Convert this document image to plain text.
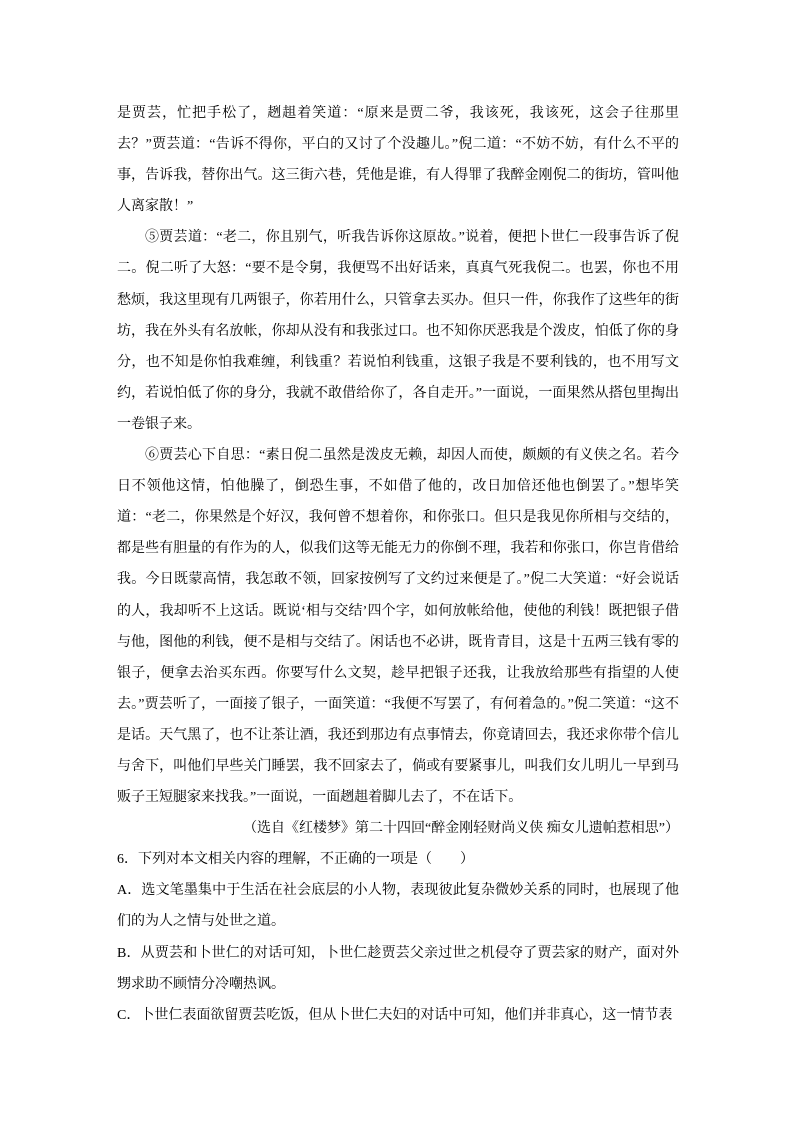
是贾芸，忙把手松了，趔趄着笑道：“原来是贾二爷，我该死，我该死，这会子往那里去？”贾芸道：“告诉不得你，平白的又讨了个没趣儿。”倪二道：“不妨不妨，有什么不平的事，告诉我，替你出气。这三街六巷，凭他是谁，有人得罪了我醉金刚倪二的街坊，管叫他人离家散！”

⑤贾芸道：“老二，你且别气，听我告诉你这原故。”说着，便把卜世仁一段事告诉了倪二。倪二听了大怒：“要不是令舅，我便骂不出好话来，真真气死我倪二。也罢，你也不用愁烦，我这里现有几两银子，你若用什么，只管拿去买办。但只一件，你我作了这些年的街坊，我在外头有名放帐，你却从没有和我张过口。也不知你厌恶我是个泼皮，怕低了你的身分，也不知是你怕我难缠，利钱重？若说怕利钱重，这银子我是不要利钱的，也不用写文约，若说怕低了你的身分，我就不敢借给你了，各自走开。”一面说，一面果然从搭包里掏出一卷银子来。

⑥贾芸心下自思：“素日倪二虽然是泼皮无赖，却因人而使，颇颇的有义侠之名。若今日不领他这情，怕他臊了，倒恐生事，不如借了他的，改日加倍还他也倒罢了。”想毕笑道：“老二，你果然是个好汉，我何曾不想着你，和你张口。但只是我见你所相与交结的，都是些有胆量的有作为的人，似我们这等无能无力的你倒不理，我若和你张口，你岂肯借给我。今日既蒙高情，我怎敢不领，回家按例写了文约过来便是了。”倪二大笑道：“好会说话的人，我却听不上这话。既说‘相与交结’四个字，如何放帐给他，使他的利钱！既把银子借与他，图他的利钱，便不是相与交结了。闲话也不必讲，既肯青目，这是十五两三钱有零的银子，便拿去治买东西。你要写什么文契，趁早把银子还我，让我放给那些有指望的人使去。”贾芸听了，一面接了银子，一面笑道：“我便不写罢了，有何着急的。”倪二笑道：“这不是话。天气黑了，也不让茶让酒，我还到那边有点事情去，你竟请回去，我还求你带个信儿与舍下，叫他们早些关门睡罢，我不回家去了，倘或有要紧事儿，叫我们女儿明儿一早到马贩子王短腿家来找我。”一面说，一面趔趄着脚儿去了，不在话下。

（选自《红楼梦》第二十四回“醉金刚轻财尚义侠 痴女儿遗帕惹相思”）

6．下列对本文相关内容的理解，不正确的一项是（　　）

A．选文笔墨集中于生活在社会底层的小人物，表现彼此复杂微妙关系的同时，也展现了他们的为人之情与处世之道。

B．从贾芸和卜世仁的对话可知，卜世仁趁贾芸父亲过世之机侵夺了贾芸家的财产，面对外甥求助不顾情分冷嘲热讽。

C．卜世仁表面欲留贾芸吃饭，但从卜世仁夫妇的对话中可知，他们并非真心，这一情节表
